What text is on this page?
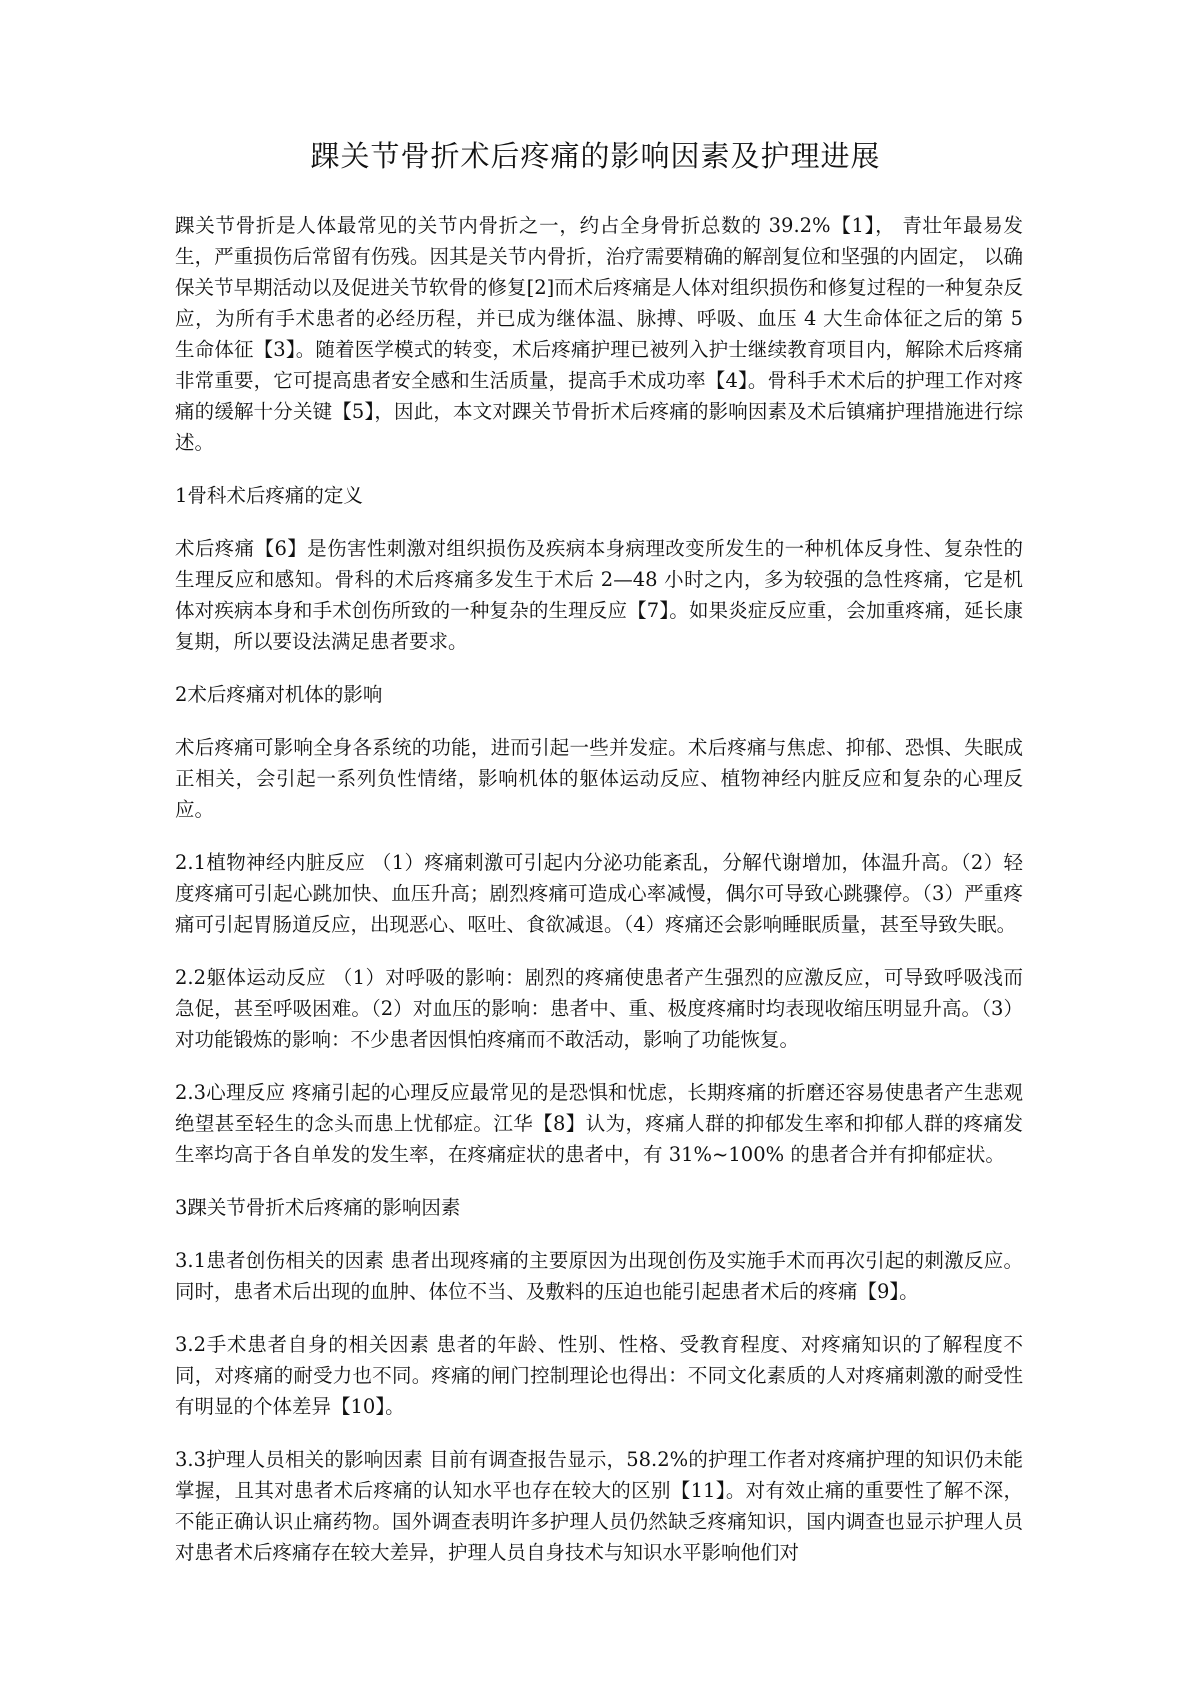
踝关节骨折术后疼痛的影响因素及护理进展

踝关节骨折是人体最常见的关节内骨折之一，约占全身骨折总数的 39.2%【1】， 青壮年最易发生，严重损伤后常留有伤残。因其是关节内骨折，治疗需要精确的解剖复位和坚强的内固定， 以确保关节早期活动以及促进关节软骨的修复[2]而术后疼痛是人体对组织损伤和修复过程的一种复杂反应，为所有手术患者的必经历程，并已成为继体温、脉搏、呼吸、血压 4 大生命体征之后的第 5 生命体征【3】。随着医学模式的转变，术后疼痛护理已被列入护士继续教育项目内，解除术后疼痛非常重要，它可提高患者安全感和生活质量，提高手术成功率【4】。骨科手术术后的护理工作对疼痛的缓解十分关键【5】，因此，本文对踝关节骨折术后疼痛的影响因素及术后镇痛护理措施进行综述。

1骨科术后疼痛的定义

术后疼痛【6】是伤害性刺激对组织损伤及疾病本身病理改变所发生的一种机体反身性、复杂性的生理反应和感知。骨科的术后疼痛多发生于术后 2—48 小时之内，多为较强的急性疼痛，它是机体对疾病本身和手术创伤所致的一种复杂的生理反应【7】。如果炎症反应重，会加重疼痛，延长康复期，所以要设法满足患者要求。

2术后疼痛对机体的影响

术后疼痛可影响全身各系统的功能，进而引起一些并发症。术后疼痛与焦虑、抑郁、恐惧、失眠成正相关，会引起一系列负性情绪，影响机体的躯体运动反应、植物神经内脏反应和复杂的心理反应。

2.1植物神经内脏反应 （1）疼痛刺激可引起内分泌功能紊乱，分解代谢增加，体温升高。（2）轻度疼痛可引起心跳加快、血压升高；剧烈疼痛可造成心率减慢，偶尔可导致心跳骤停。（3）严重疼痛可引起胃肠道反应，出现恶心、呕吐、食欲减退。（4）疼痛还会影响睡眠质量，甚至导致失眠。

2.2躯体运动反应 （1）对呼吸的影响：剧烈的疼痛使患者产生强烈的应激反应，可导致呼吸浅而急促，甚至呼吸困难。（2）对血压的影响：患者中、重、极度疼痛时均表现收缩压明显升高。（3）对功能锻炼的影响：不少患者因惧怕疼痛而不敢活动，影响了功能恢复。

2.3心理反应 疼痛引起的心理反应最常见的是恐惧和忧虑，长期疼痛的折磨还容易使患者产生悲观绝望甚至轻生的念头而患上忧郁症。江华【8】认为，疼痛人群的抑郁发生率和抑郁人群的疼痛发生率均高于各自单发的发生率，在疼痛症状的患者中，有 31%~100% 的患者合并有抑郁症状。

3踝关节骨折术后疼痛的影响因素

3.1患者创伤相关的因素 患者出现疼痛的主要原因为出现创伤及实施手术而再次引起的刺激反应。同时，患者术后出现的血肿、体位不当、及敷料的压迫也能引起患者术后的疼痛【9】。

3.2手术患者自身的相关因素 患者的年龄、性别、性格、受教育程度、对疼痛知识的了解程度不同，对疼痛的耐受力也不同。疼痛的闸门控制理论也得出：不同文化素质的人对疼痛刺激的耐受性有明显的个体差异【10】。

3.3护理人员相关的影响因素 目前有调查报告显示，58.2%的护理工作者对疼痛护理的知识仍未能掌握，且其对患者术后疼痛的认知水平也存在较大的区别【11】。对有效止痛的重要性了解不深，不能正确认识止痛药物。国外调查表明许多护理人员仍然缺乏疼痛知识，国内调查也显示护理人员对患者术后疼痛存在较大差异，护理人员自身技术与知识水平影响他们对
